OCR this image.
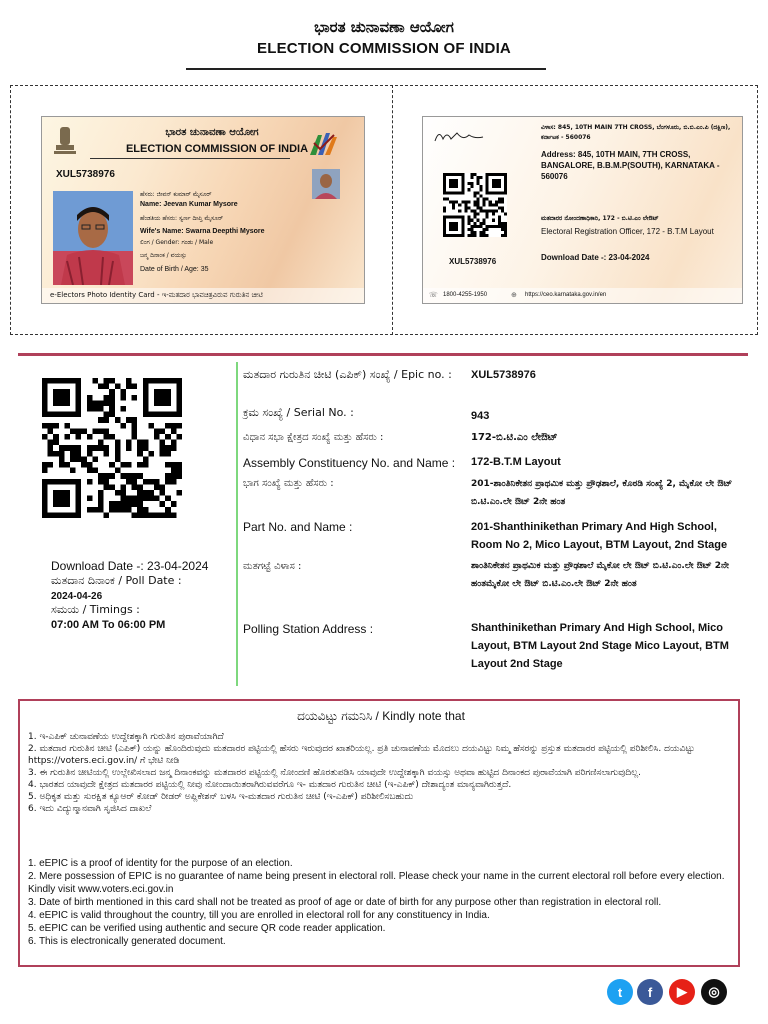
ಭಾರತ ಚುನಾವಣಾ ಆಯೋಗ
ELECTION COMMISSION OF INDIA
ಭಾರತ ಚುನಾವಣಾ ಆಯೋಗ
ELECTION COMMISSION OF INDIA
XUL5738976
ಹೆಸರು: ಜೀವನ್ ಕುಮಾರ್ ಮೈಸೂರ್
Name: Jeevan Kumar Mysore
ಹೆಂಡತಿಯ ಹೆಸರು: ಸ್ವರ್ಣ ದೀಪ್ತಿ ಮೈಸೂರ್
Wife's Name: Swarna Deepthi Mysore
ಲಿಂಗ / Gender: ಗಂಡು / Male
ಜನ್ಮ ದಿನಾಂಕ / ವಯಸ್ಸು
Date of Birth / Age: 35
e-Electors Photo Identity Card - ಇ-ಮತದಾರ ಭಾವಚಿತ್ರವಿರುವ ಗುರುತಿನ ಚೀಟಿ
ವಿಳಾಸ: 845, 10TH MAIN 7TH CROSS, ಬೆಂಗಳೂರು, ಬಿ.ಬಿ.ಎಂ.ಪಿ (ದಕ್ಷಿಣ), ಕರ್ನಾಟಕ - 560076
Address: 845, 10TH MAIN, 7TH CROSS, BANGALORE, B.B.M.P(SOUTH), KARNATAKA - 560076
XUL5738976
ಮತದಾರರ ನೋಂದಣಾಧಿಕಾರಿ, 172 - ಬಿ.ಟಿ.ಎಂ ಲೇಔಟ್
Electoral Registration Officer, 172 - B.T.M Layout
Download Date -: 23-04-2024
☏ 1800-4255-1950	⊕ https://ceo.karnataka.gov.in/en
Download Date -: 23-04-2024
ಮತದಾನ ದಿನಾಂಕ / Poll Date :
2024-04-26
ಸಮಯ / Timings :
07:00 AM To 06:00 PM
ಮತದಾರ ಗುರುತಿನ ಚೀಟಿ (ಎಪಿಕ್) ಸಂಖ್ಯೆ / Epic no. : XUL5738976
ಕ್ರಮ ಸಂಖ್ಯೆ / Serial No. :	943
ವಿಧಾನ ಸಭಾ ಕ್ಷೇತ್ರದ ಸಂಖ್ಯೆ ಮತ್ತು ಹೆಸರು :	172-ಬಿ.ಟಿ.ಎಂ ಲೇಔಟ್
Assembly Constituency No. and Name : 172-B.T.M Layout
ಭಾಗ ಸಂಖ್ಯೆ ಮತ್ತು ಹೆಸರು :	201-ಶಾಂತಿನಿಕೇತನ ಪ್ರಾಥಮಿಕ ಮತ್ತು ಪ್ರೌಢಶಾಲೆ, ಕೊಠಡಿ ಸಂಖ್ಯೆ 2, ಮೈಕೋ ಲೇ ಔಟ್ ಬಿ.ಟಿ.ಎಂ.ಲೇ ಔಟ್ 2ನೇ ಹಂತ
Part No. and Name :	201-Shanthinikethan Primary And High School, Room No 2, Mico Layout, BTM Layout, 2nd Stage
ಮತಗಟ್ಟೆ ವಿಳಾಸ :	ಶಾಂತಿನಿಕೇತನ ಪ್ರಾಥಮಿಕ ಮತ್ತು ಪ್ರೌಢಶಾಲೆ ಮೈಕೋ ಲೇ ಔಟ್ ಬಿ.ಟಿ.ಎಂ.ಲೇ ಔಟ್ 2ನೇ ಹಂತಮೈಕೋ ಲೇ ಔಟ್ ಬಿ.ಟಿ.ಎಂ.ಲೇ ಔಟ್ 2ನೇ ಹಂತ
Polling Station Address :	Shanthinikethan Primary And High School, Mico Layout, BTM Layout 2nd Stage Mico Layout, BTM Layout 2nd Stage
ದಯವಿಟ್ಟು ಗಮನಿಸಿ / Kindly note that
1. ಇ-ಎಪಿಕ್ ಚುನಾವಣೆಯ ಉದ್ದೇಶಕ್ಕಾಗಿ ಗುರುತಿನ ಪುರಾವೆಯಾಗಿದೆ
2. ಮತದಾರ ಗುರುತಿನ ಚೀಟಿ (ಎಪಿಕ್) ಯನ್ನು ಹೊಂದಿರುವುದು ಮತದಾರರ ಪಟ್ಟಿಯಲ್ಲಿ ಹೆಸರು ಇರುವುದರ ಖಾತರಿಯಲ್ಲ. ಪ್ರತಿ ಚುನಾವಣೆಯ ಮೊದಲು ದಯವಿಟ್ಟು ನಿಮ್ಮ ಹೆಸರನ್ನು ಪ್ರಸ್ತುತ ಮತದಾರರ ಪಟ್ಟಿಯಲ್ಲಿ ಪರಿಶೀಲಿಸಿ. ದಯವಿಟ್ಟು https://voters.eci.gov.in/ ಗೆ ಭೇಟಿ ನೀಡಿ
3. ಈ ಗುರುತಿನ ಚೀಟಿಯಲ್ಲಿ ಉಲ್ಲೇಖಿಸಲಾದ ಜನ್ಮ ದಿನಾಂಕವನ್ನು ಮತದಾರರ ಪಟ್ಟಿಯಲ್ಲಿ ನೋಂದಣಿ ಹೊರತುಪಡಿಸಿ ಯಾವುದೇ ಉದ್ದೇಶಕ್ಕಾಗಿ ವಯಸ್ಸು ಅಥವಾ ಹುಟ್ಟಿದ ದಿನಾಂಕದ ಪುರಾವೆಯಾಗಿ ಪರಿಗಣಿಸಲಾಗುವುದಿಲ್ಲ.
4. ಭಾರತದ ಯಾವುದೇ ಕ್ಷೇತ್ರದ ಮತದಾರರ ಪಟ್ಟಿಯಲ್ಲಿ ನೀವು ನೋಂದಾಯಿತರಾಗಿರುವವರೆಗೂ ಇ- ಮತದಾರ ಗುರುತಿನ ಚೀಟಿ (ಇ-ಎಪಿಕ್) ದೇಶಾದ್ಯಂತ ಮಾನ್ಯವಾಗಿರುತ್ತದೆ.
5. ಅಧಿಕೃತ ಮತ್ತು ಸುರಕ್ಷಿತ ಕ್ಯೂಆರ್ ಕೋಡ್ ರೀಡರ್ ಅಪ್ಲಿಕೇಶನ್ ಬಳಸಿ ಇ-ಮತದಾರ ಗುರುತಿನ ಚೀಟಿ (ಇ-ಎಪಿಕ್) ಪರಿಶೀಲಿಸಬಹುದು
6. ಇದು ವಿದ್ಯುನ್ಮಾನವಾಗಿ ಸೃಜಿಸಿದ ದಾಖಲೆ
1. eEPIC is a proof of identity for the purpose of an election.
2. Mere possession of EPIC is no guarantee of name being present in electoral roll. Please check your name in the current electoral roll before every election. Kindly visit www.voters.eci.gov.in
3. Date of birth mentioned in this card shall not be treated as proof of age or date of birth for any purpose other than registration in electoral roll.
4. eEPIC is valid throughout the country, till you are enrolled in electoral roll for any constituency in India.
5. eEPIC can be verified using authentic and secure QR code reader application.
6. This is electronically generated document.
t	f	▶	◎
